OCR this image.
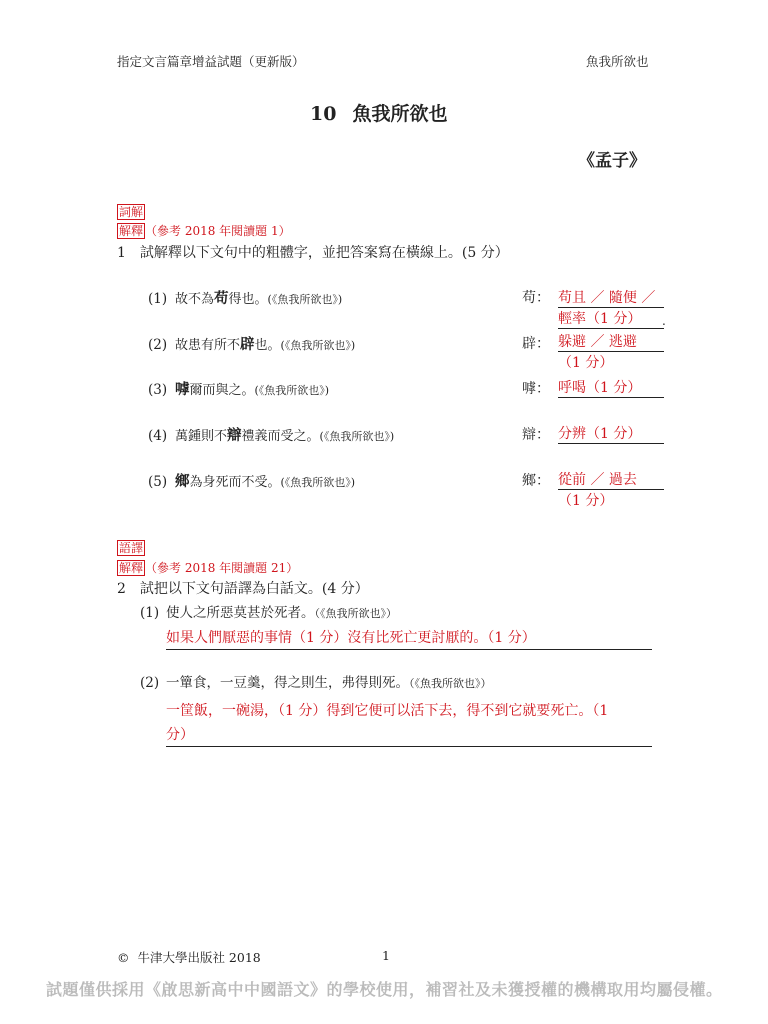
指定文言篇章增益試題（更新版）	魚我所欲也
10 魚我所欲也
《孟子》
詞解
解釋 （參考 2018 年閱讀題 1）
1 試解釋以下文句中的粗體字，並把答案寫在橫線上。(5 分）
(1) 故不為苟得也。(《魚我所欲也》)	苟： 苟且 ／ 隨便 ／
輕率（1 分）	.
(2) 故患有所不辟也。(《魚我所欲也》)	辟： 躲避 ／ 逃避
（1 分）
(3) 嘑爾而與之。(《魚我所欲也》)	嘑： 呼喝（1 分）
(4) 萬鍾則不辯禮義而受之。(《魚我所欲也》)	辯： 分辨（1 分）
(5) 鄉為身死而不受。(《魚我所欲也》)	鄉： 從前 ／ 過去
（1 分）
語譯
解釋 （參考 2018 年閱讀題 21）
2 試把以下文句語譯為白話文。(4 分）
(1) 使人之所惡莫甚於死者。（《魚我所欲也》）
如果人們厭惡的事情（1 分）沒有比死亡更討厭的。（1 分）
(2) 一簞食，一豆羹，得之則生，弗得則死。（《魚我所欲也》）
一筐飯，一碗湯，（1 分）得到它便可以活下去，得不到它就要死亡。（1
分）
© 牛津大學出版社 2018	1
試題僅供採用《啟思新高中中國語文》的學校使用，補習社及未獲授權的機構取用均屬侵權。
